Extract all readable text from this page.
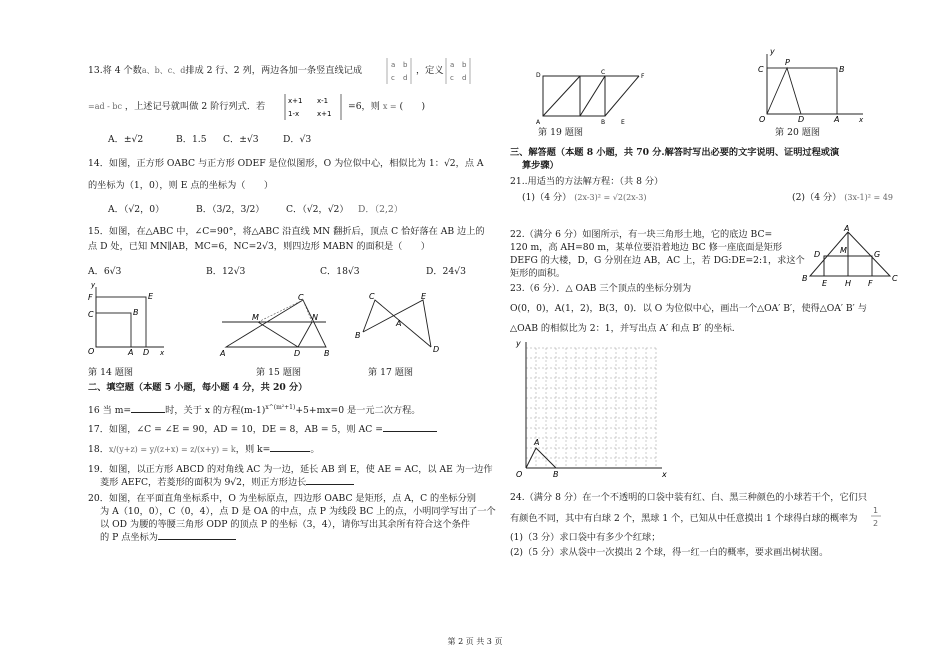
13.将 4 个数a、b、c、d排成 2 行、2 列，两边各加一条竖直线记成	a b
c d
，定义 a b
c d
=ad - bc ，上述记号就叫做 2 阶行列式．若	x+1 x-1
1-x	x+1
=6，则 x = (　　)
A．±√2	B．1.5 C．±√3	D．√3
14．如图，正方形 OABC 与正方形 ODEF 是位似图形，O 为位似中心，相似比为 1：√2，点 A
的坐标为（1，0），则 E 点的坐标为（　　）
A．（√2，0）	B．（3/2，3/2） C．（√2，√2） D．（2,2）
15．如图，在△ABC 中，∠C=90°，将△ABC 沿直线 MN 翻折后，顶点 C 恰好落在 AB 边上的
点 D 处，已知 MN∥AB，MC=6，NC=2√3，则四边形 MABN 的面积是（　　）
A．6√3	B．12√3	C．18√3	D．24√3
F
C
E
B
O	A D x
y
C
M	N
A	D	B
C	E
A
B
D
第 14 题图	第 15 题图	第 17 题图
二、填空题（本题 5 小题，每小题 4 分，共 20 分）
16 当 m=	时，关于 x 的方程$(m-1)^{x\^{}(m^2+1)}+5+mx=0$ 是一元二次方程。
17．如图，∠C = ∠E = 90，AD = 10，DE = 8，AB = 5，则 AC =
18．x/(y+z) = y/(z+x) = z/(x+y) = k，则 k=	。
19．如图，以正方形 ABCD 的对角线 AC 为一边，延长 AB 到 E，使 AE = AC，以 AE 为一边作
菱形 AEFC，若菱形的面积为 9√2，则正方形边长
20．如图，在平面直角坐标系中，O 为坐标原点，四边形 OABC 是矩形，点 A，C 的坐标分别
为 A（10，0），C（0，4），点 D 是 OA 的中点，点 P 为线段 BC 上的点，小明同学写出了一个
以 OD 为腰的等腰三角形 ODP 的顶点 P 的坐标（3，4），请你写出其余所有符合这个条件
的 P 点坐标为
D	C
F
A	B	E
第 19 题图
y
C
P
B
O	D	A	x
第 20 题图
三、解答题（本题 8 小题，共 70 分.解答时写出必要的文字说明、证明过程或演
算步骤）
21..用适当的方法解方程：（共 8 分）
(1)（4 分） (2x-3)² = √2(2x-3)	(2)（4 分） (3x-1)² = 49
22.（满分 6 分）如图所示，有一块三角形土地，它的底边 BC=
120 m，高 AH=80 m，某单位要沿着地边 BC 修一座底面是矩形
DEFG 的大楼，D，G 分别在边 AB，AC 上，若 DG:DE=2:1，求这个
矩形的面积。
A
D M	G
B
E H F
C
23.（6 分）．△ OAB 三个顶点的坐标分别为
O(0，0)，A(1，2)，B(3，0)．以 O 为位似中心，画出一个△OA′ B′，使得△OA′ B′ 与
△OAB 的相似比为 2：1，并写出点 A′ 和点 B′ 的坐标.
y
O
A
B	x
24.（满分 8 分）在一个不透明的口袋中装有红、白、黑三种颜色的小球若干个，它们只
有颜色不同，其中有白球 2 个，黑球 1 个，已知从中任意摸出 1 个球得白球的概率为
1
2
(1)（3 分）求口袋中有多少个红球；
(2)（5 分）求从袋中一次摸出 2 个球，得一红一白的概率，要求画出树状图。
第 2 页 共 3 页
